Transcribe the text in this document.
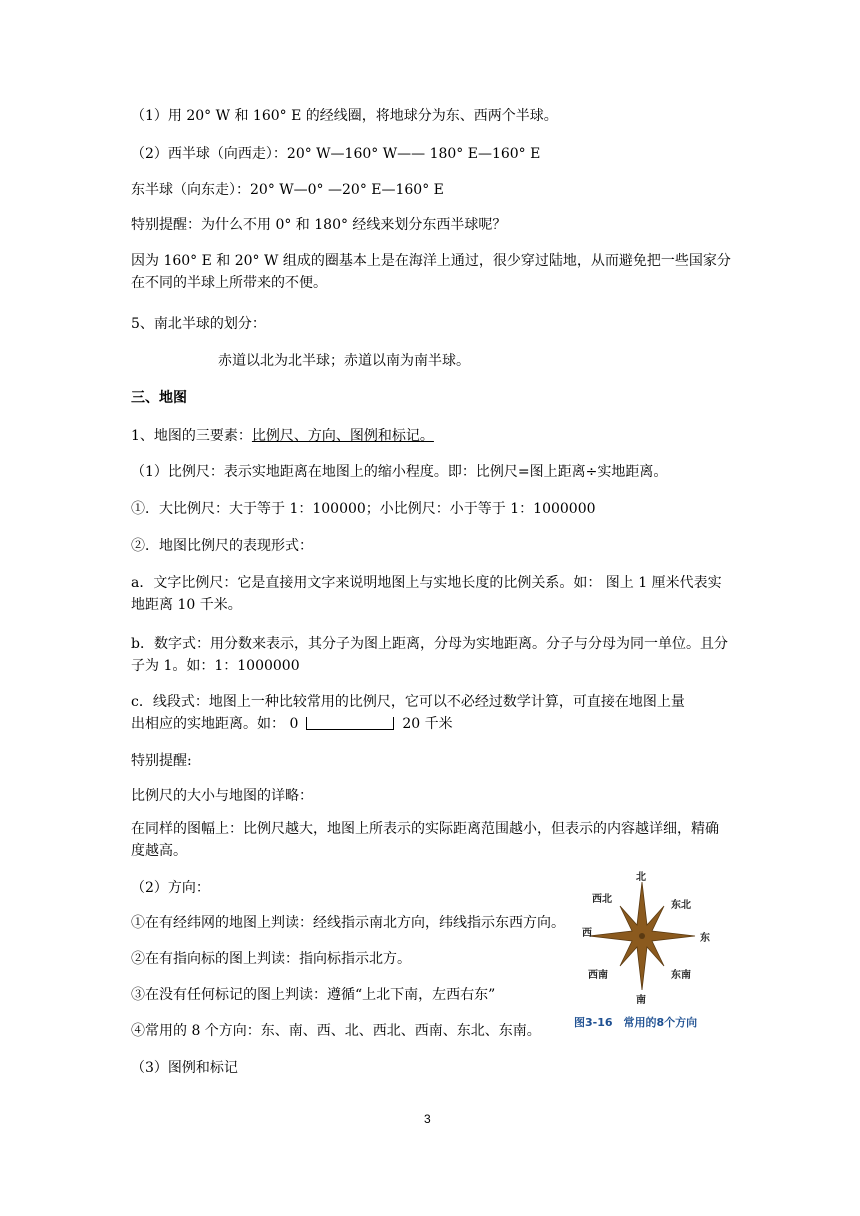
（1）用 20° W 和 160° E 的经线圈，将地球分为东、西两个半球。
（2）西半球（向西走）：20° W—160° W—— 180° E—160° E
东半球（向东走）：20° W—0° —20° E—160° E
特别提醒：为什么不用 0° 和 180° 经线来划分东西半球呢？
因为 160° E 和 20° W 组成的圈基本上是在海洋上通过，很少穿过陆地，从而避免把一些国家分在不同的半球上所带来的不便。
5、南北半球的划分：
赤道以北为北半球；赤道以南为南半球。
三、地图
1、地图的三要素：比例尺、方向、图例和标记。
（1）比例尺：表示实地距离在地图上的缩小程度。即：比例尺=图上距离÷实地距离。
①．大比例尺：大于等于 1：100000；小比例尺：小于等于 1：1000000
②．地图比例尺的表现形式：
a．文字比例尺：它是直接用文字来说明地图上与实地长度的比例关系。如： 图上 1 厘米代表实地距离 10 千米。
b．数字式：用分数来表示，其分子为图上距离，分母为实地距离。分子与分母为同一单位。且分子为 1。如：1：1000000
c．线段式：地图上一种比较常用的比例尺，它可以不必经过数学计算，可直接在地图上量
出相应的实地距离。如： 0	20 千米
特别提醒:
比例尺的大小与地图的详略：
在同样的图幅上：比例尺越大，地图上所表示的实际距离范围越小，但表示的内容越详细，精确度越高。
（2）方向：
①在有经纬网的地图上判读：经线指示南北方向，纬线指示东西方向。
②在有指向标的图上判读：指向标指示北方。
③在没有任何标记的图上判读：遵循“上北下南，左西右东”
④常用的 8 个方向：东、南、西、北、西北、西南、东北、东南。
（3）图例和标记
北
南
东
西
西北
东北
西南	东南
图3-16　常用的8个方向
3
